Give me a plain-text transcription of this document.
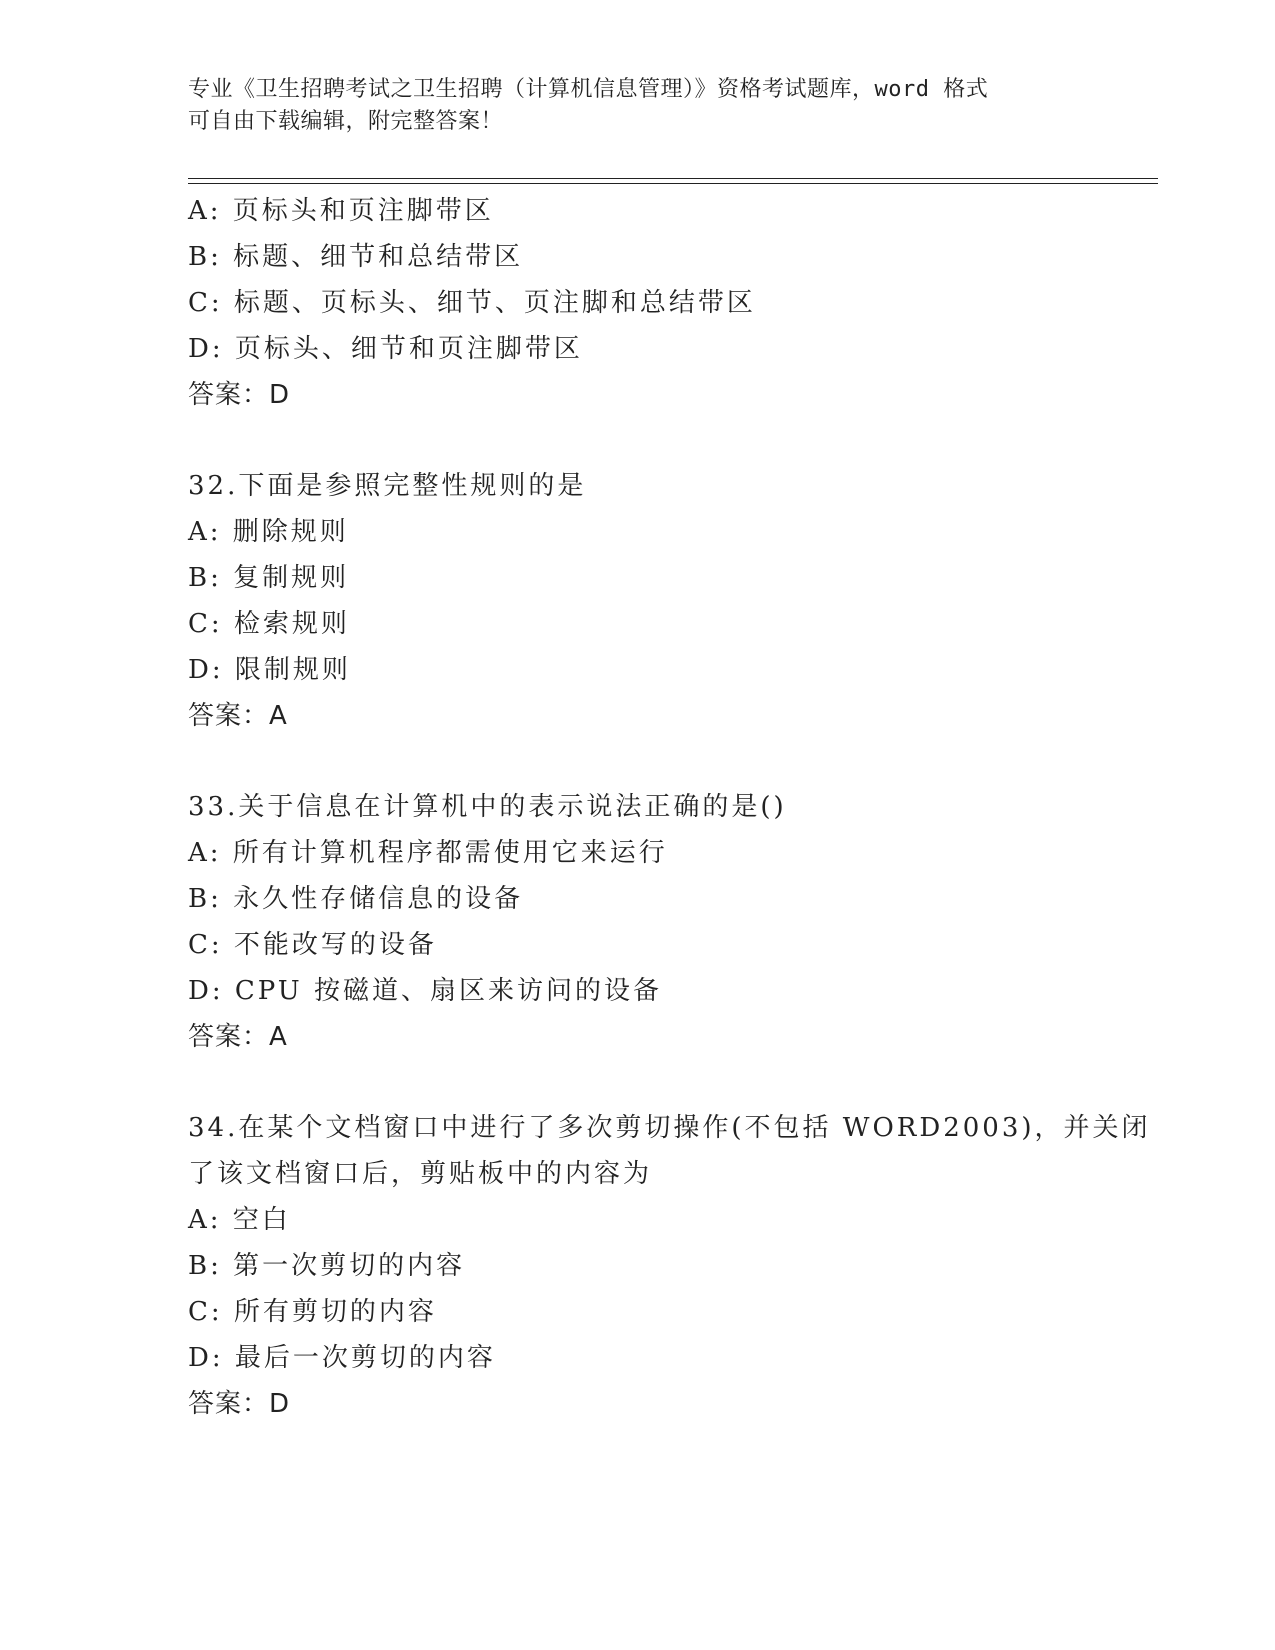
专业《卫生招聘考试之卫生招聘（计算机信息管理）》资格考试题库，word 格式
可自由下载编辑，附完整答案！
A: 页标头和页注脚带区
B: 标题、细节和总结带区
C: 标题、页标头、细节、页注脚和总结带区
D: 页标头、细节和页注脚带区
答案：D
32.下面是参照完整性规则的是
A: 删除规则
B: 复制规则
C: 检索规则
D: 限制规则
答案：A
33.关于信息在计算机中的表示说法正确的是()
A: 所有计算机程序都需使用它来运行
B: 永久性存储信息的设备
C: 不能改写的设备
D: CPU 按磁道、扇区来访问的设备
答案：A
34.在某个文档窗口中进行了多次剪切操作(不包括 WORD2003)，并关闭
了该文档窗口后，剪贴板中的内容为
A: 空白
B: 第一次剪切的内容
C: 所有剪切的内容
D: 最后一次剪切的内容
答案：D
